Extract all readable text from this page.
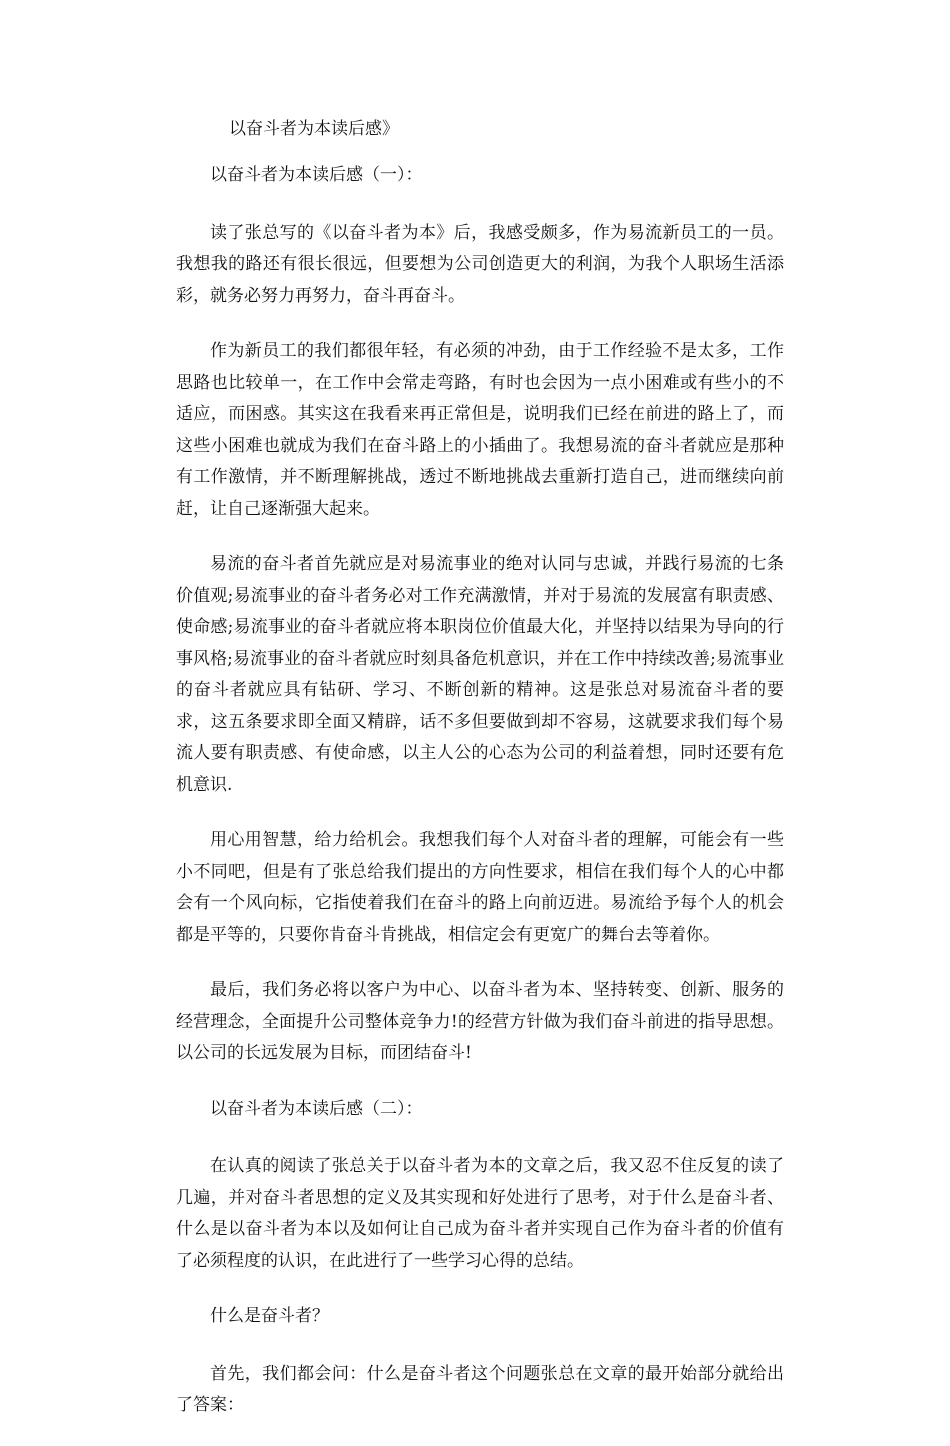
以奋斗者为本读后感》

以奋斗者为本读后感（一）：

读了张总写的《以奋斗者为本》后，我感受颇多，作为易流新员工的一员。我想我的路还有很长很远，但要想为公司创造更大的利润，为我个人职场生活添彩，就务必努力再努力，奋斗再奋斗。

作为新员工的我们都很年轻，有必须的冲劲，由于工作经验不是太多，工作思路也比较单一，在工作中会常走弯路，有时也会因为一点小困难或有些小的不适应，而困惑。其实这在我看来再正常但是，说明我们已经在前进的路上了，而这些小困难也就成为我们在奋斗路上的小插曲了。我想易流的奋斗者就应是那种有工作激情，并不断理解挑战，透过不断地挑战去重新打造自己，进而继续向前赶，让自己逐渐强大起来。

易流的奋斗者首先就应是对易流事业的绝对认同与忠诚，并践行易流的七条价值观;易流事业的奋斗者务必对工作充满激情，并对于易流的发展富有职责感、使命感;易流事业的奋斗者就应将本职岗位价值最大化，并坚持以结果为导向的行事风格;易流事业的奋斗者就应时刻具备危机意识，并在工作中持续改善;易流事业的奋斗者就应具有钻研、学习、不断创新的精神。这是张总对易流奋斗者的要求，这五条要求即全面又精辟，话不多但要做到却不容易，这就要求我们每个易流人要有职责感、有使命感，以主人公的心态为公司的利益着想，同时还要有危机意识.

用心用智慧，给力给机会。我想我们每个人对奋斗者的理解，可能会有一些小不同吧，但是有了张总给我们提出的方向性要求，相信在我们每个人的心中都会有一个风向标，它指使着我们在奋斗的路上向前迈进。易流给予每个人的机会都是平等的，只要你肯奋斗肯挑战，相信定会有更宽广的舞台去等着你。

最后，我们务必将以客户为中心、以奋斗者为本、坚持转变、创新、服务的经营理念，全面提升公司整体竞争力!的经营方针做为我们奋斗前进的指导思想。以公司的长远发展为目标，而团结奋斗!

以奋斗者为本读后感（二）：

在认真的阅读了张总关于以奋斗者为本的文章之后，我又忍不住反复的读了几遍，并对奋斗者思想的定义及其实现和好处进行了思考，对于什么是奋斗者、什么是以奋斗者为本以及如何让自己成为奋斗者并实现自己作为奋斗者的价值有了必须程度的认识，在此进行了一些学习心得的总结。

什么是奋斗者？

首先，我们都会问：什么是奋斗者这个问题张总在文章的最开始部分就给出了答案：
